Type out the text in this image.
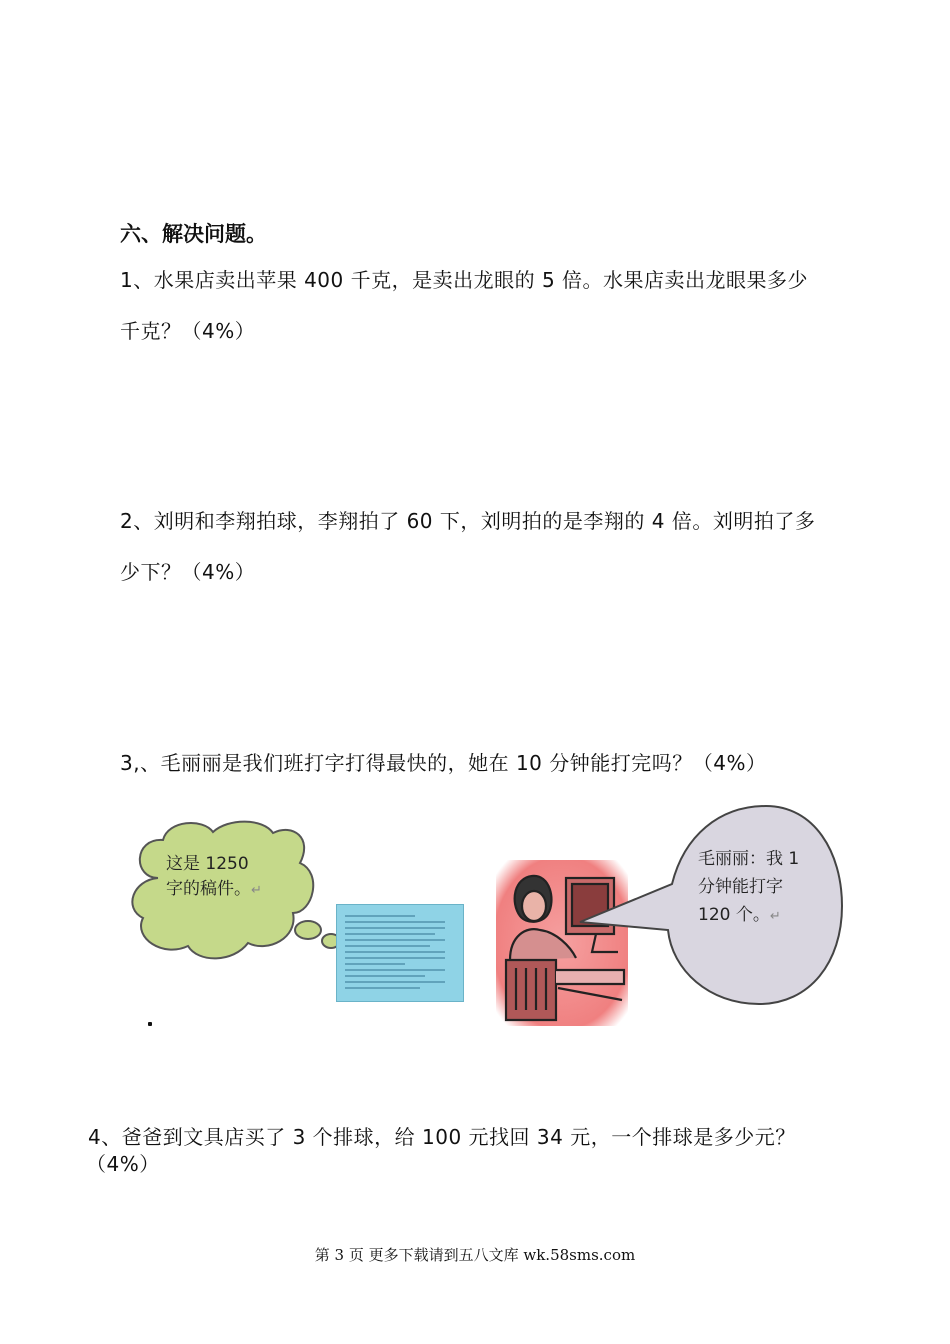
六、解决问题。
1、水果店卖出苹果 400 千克，是卖出龙眼的 5 倍。水果店卖出龙眼果多少
千克？（4%）
2、刘明和李翔拍球，李翔拍了 60 下，刘明拍的是李翔的 4 倍。刘明拍了多
少下？（4%）
3,、毛丽丽是我们班打字打得最快的，她在 10 分钟能打完吗？（4%）
这是 1250
字的稿件。↵
毛丽丽：我 1
分钟能打字
120 个。↵
4、爸爸到文具店买了 3 个排球，给 100 元找回 34 元，一个排球是多少元？
（4%）
第 3 页 更多下载请到五八文库 wk.58sms.com
